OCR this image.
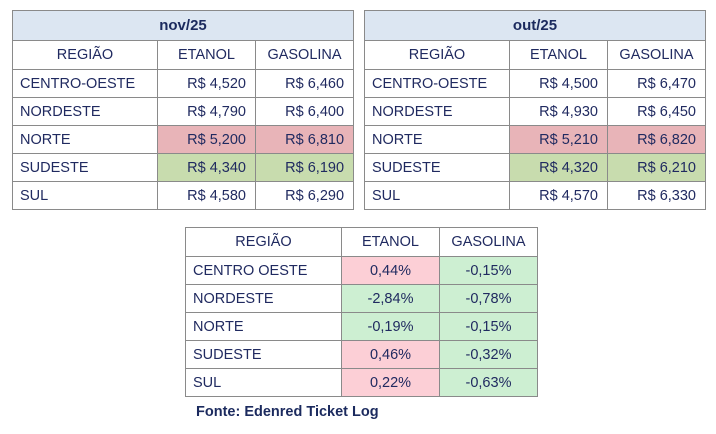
nov/25		
REGIÃO	ETANOL	GASOLINA
CENTRO-OESTE	R$ 4,520	R$ 6,460
NORDESTE	R$ 4,790	R$ 6,400
NORTE	R$ 5,200	R$ 6,810
SUDESTE	R$ 4,340	R$ 6,190
SUL	R$ 4,580	R$ 6,290
out/25		
REGIÃO	ETANOL	GASOLINA
CENTRO-OESTE	R$ 4,500	R$ 6,470
NORDESTE	R$ 4,930	R$ 6,450
NORTE	R$ 5,210	R$ 6,820
SUDESTE	R$ 4,320	R$ 6,210
SUL	R$ 4,570	R$ 6,330
REGIÃO	ETANOL	GASOLINA
CENTRO OESTE	0,44%	-0,15%
NORDESTE	-2,84%	-0,78%
NORTE	-0,19%	-0,15%
SUDESTE	0,46%	-0,32%
SUL	0,22%	-0,63%
Fonte: Edenred Ticket Log
